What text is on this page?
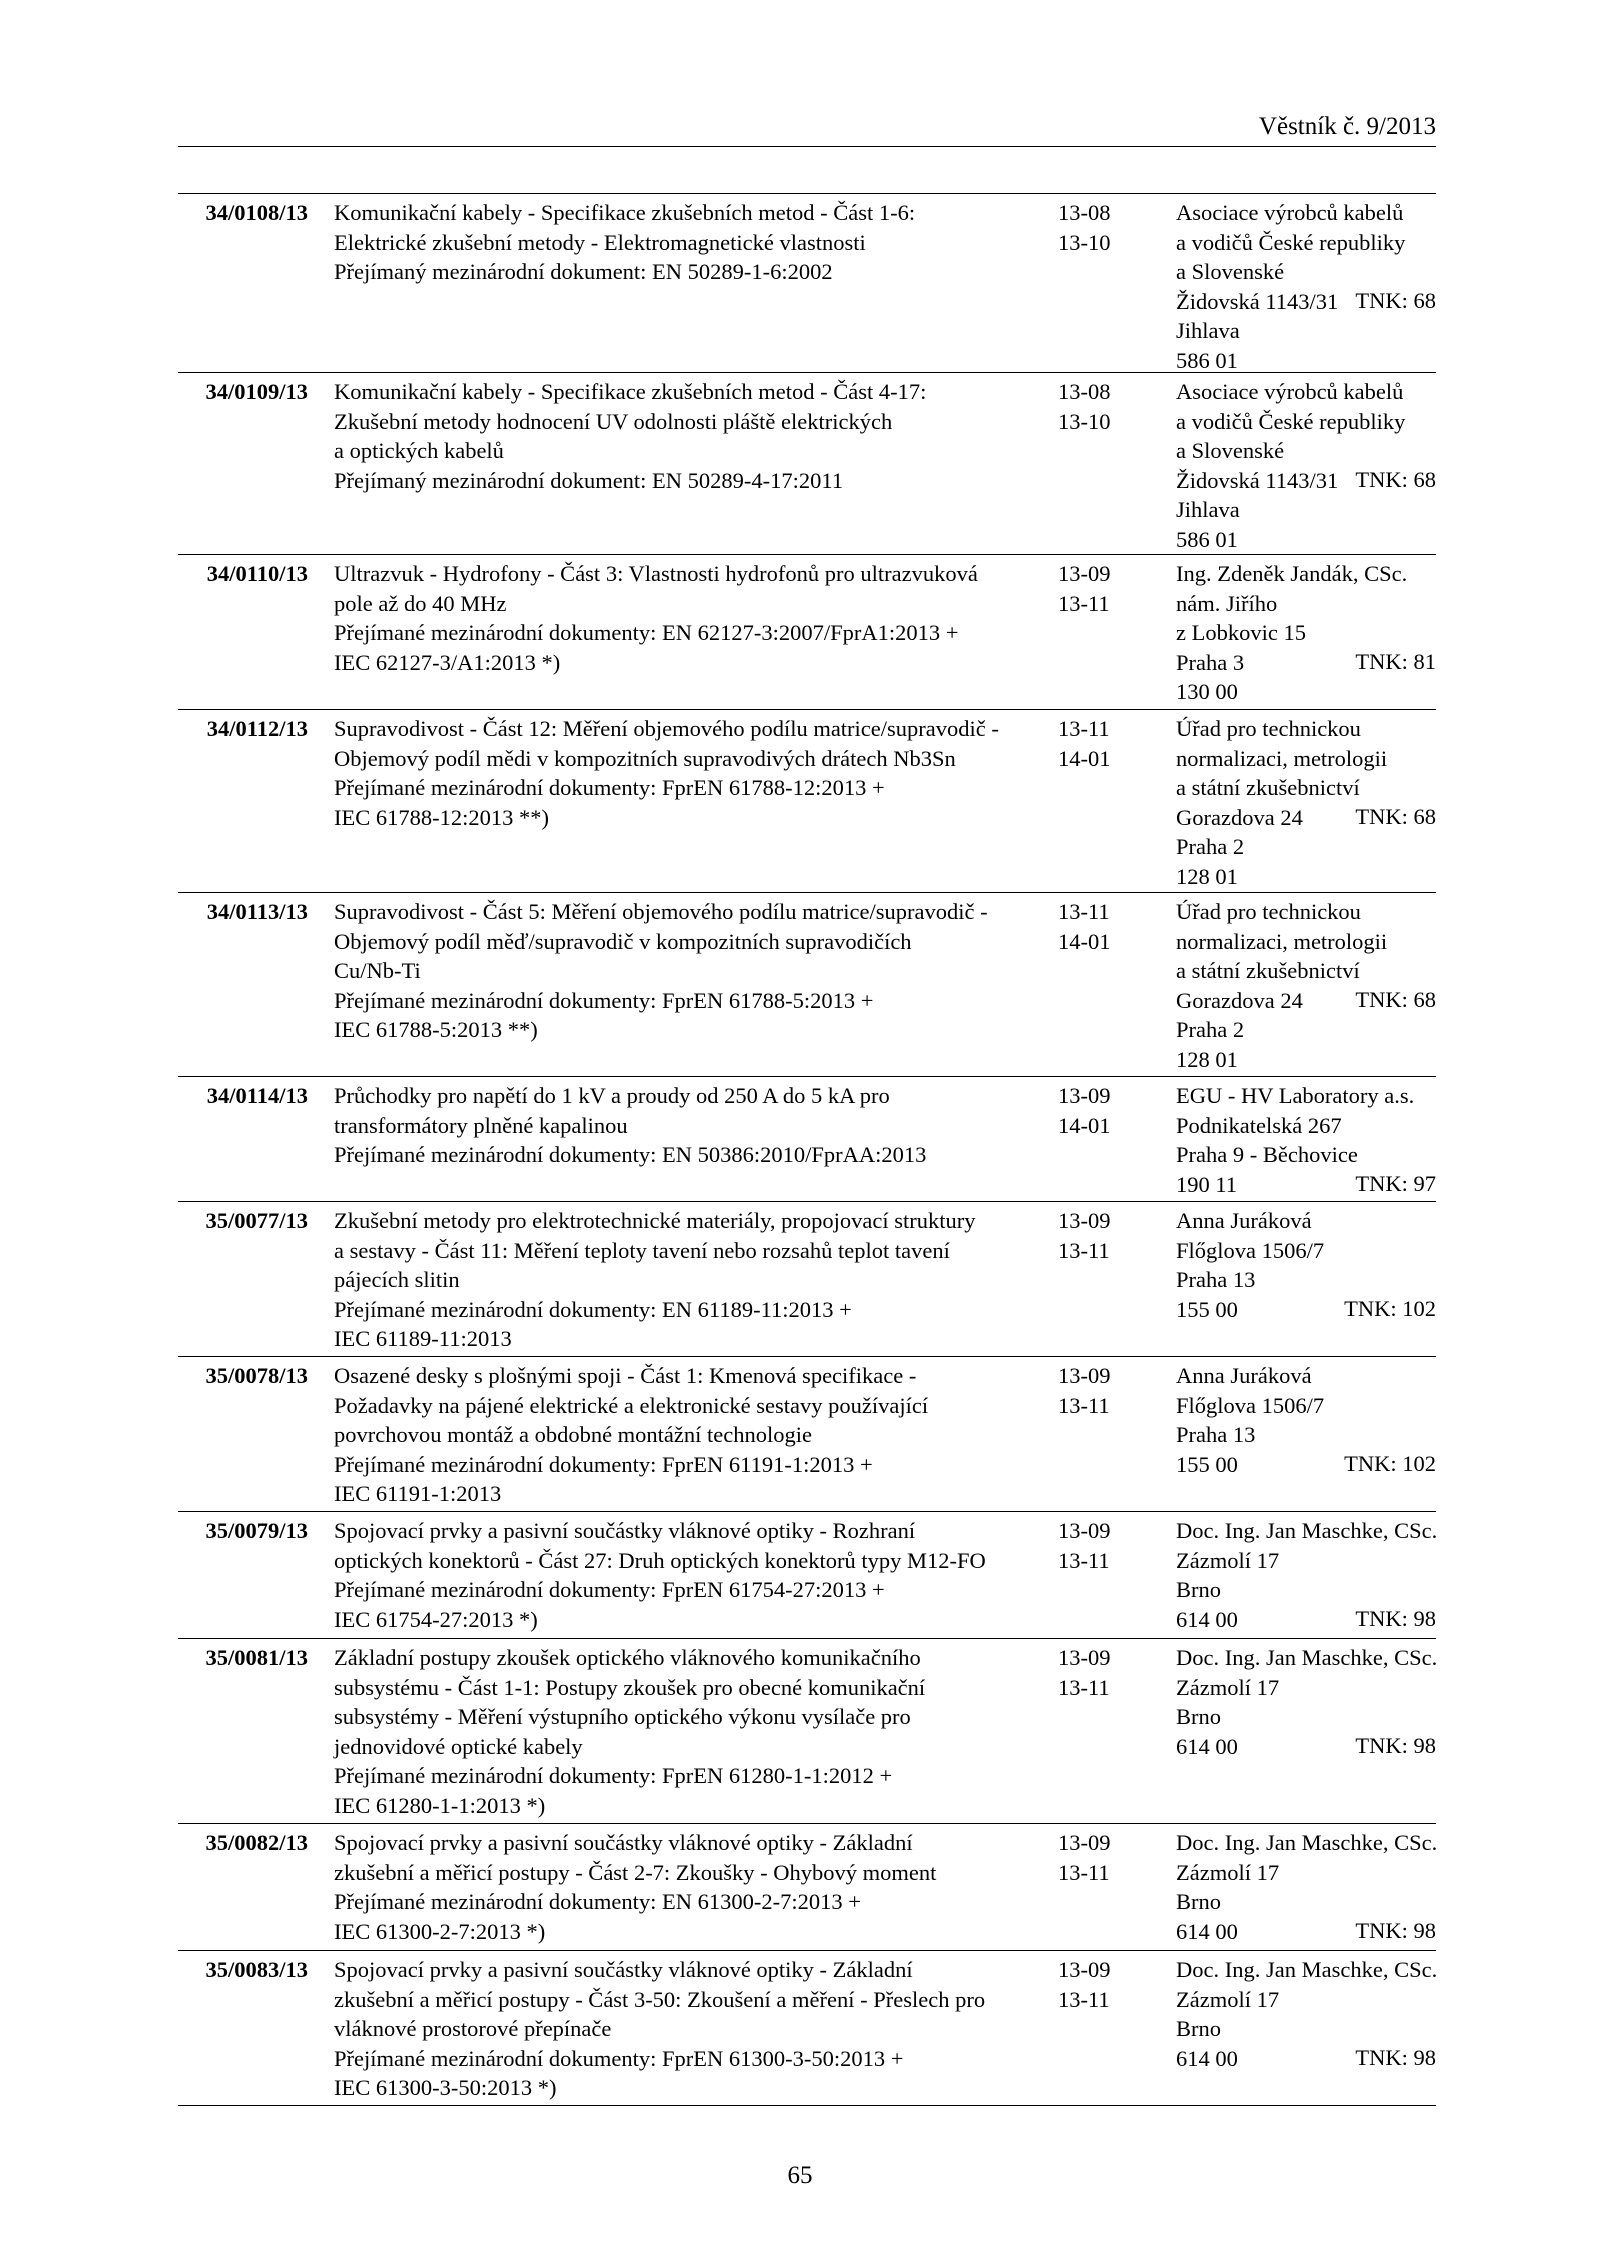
Věstník č. 9/2013
34/0108/13
TNK: 68
Komunikační kabely - Specifikace zkušebních metod - Část 1-6:
Elektrické zkušební metody - Elektromagnetické vlastnosti
Přejímaný mezinárodní dokument: EN 50289-1-6:2002
13-08
13-10
Asociace výrobců kabelů
a vodičů České republiky
a Slovenské
Židovská 1143/31
Jihlava
586 01
34/0109/13
TNK: 68
Komunikační kabely - Specifikace zkušebních metod - Část 4-17:
Zkušební metody hodnocení UV odolnosti pláště elektrických
a optických kabelů
Přejímaný mezinárodní dokument: EN 50289-4-17:2011
13-08
13-10
Asociace výrobců kabelů
a vodičů České republiky
a Slovenské
Židovská 1143/31
Jihlava
586 01
34/0110/13
TNK: 81
Ultrazvuk - Hydrofony - Část 3: Vlastnosti hydrofonů pro ultrazvuková
pole až do 40 MHz
Přejímané mezinárodní dokumenty: EN 62127-3:2007/FprA1:2013 +
IEC 62127-3/A1:2013 *)
13-09
13-11
Ing. Zdeněk Jandák, CSc.
nám. Jiřího
z Lobkovic 15
Praha 3
130 00
34/0112/13
TNK: 68
Supravodivost - Část 12: Měření objemového podílu matrice/supravodič -
Objemový podíl mědi v kompozitních supravodivých drátech Nb3Sn
Přejímané mezinárodní dokumenty: FprEN 61788-12:2013 +
IEC 61788-12:2013 **)
13-11
14-01
Úřad pro technickou
normalizaci, metrologii
a státní zkušebnictví
Gorazdova 24
Praha 2
128 01
34/0113/13
TNK: 68
Supravodivost - Část 5: Měření objemového podílu matrice/supravodič -
Objemový podíl měď/supravodič v kompozitních supravodičích
Cu/Nb-Ti
Přejímané mezinárodní dokumenty: FprEN 61788-5:2013 +
IEC 61788-5:2013 **)
13-11
14-01
Úřad pro technickou
normalizaci, metrologii
a státní zkušebnictví
Gorazdova 24
Praha 2
128 01
34/0114/13
TNK: 97
Průchodky pro napětí do 1 kV a proudy od 250 A do 5 kA pro
transformátory plněné kapalinou
Přejímané mezinárodní dokumenty: EN 50386:2010/FprAA:2013
13-09
14-01
EGU - HV Laboratory a.s.
Podnikatelská 267
Praha 9 - Běchovice
190 11
35/0077/13
TNK: 102
Zkušební metody pro elektrotechnické materiály, propojovací struktury
a sestavy - Část 11: Měření teploty tavení nebo rozsahů teplot tavení
pájecích slitin
Přejímané mezinárodní dokumenty: EN 61189-11:2013 +
IEC 61189-11:2013
13-09
13-11
Anna Juráková
Flőglova 1506/7
Praha 13
155 00
35/0078/13
TNK: 102
Osazené desky s plošnými spoji - Část 1: Kmenová specifikace -
Požadavky na pájené elektrické a elektronické sestavy používající
povrchovou montáž a obdobné montážní technologie
Přejímané mezinárodní dokumenty: FprEN 61191-1:2013 +
IEC 61191-1:2013
13-09
13-11
Anna Juráková
Flőglova 1506/7
Praha 13
155 00
35/0079/13
TNK: 98
Spojovací prvky a pasivní součástky vláknové optiky - Rozhraní
optických konektorů - Část 27: Druh optických konektorů typy M12-FO
Přejímané mezinárodní dokumenty: FprEN 61754-27:2013 +
IEC 61754-27:2013 *)
13-09
13-11
Doc. Ing. Jan Maschke, CSc.
Zázmolí 17
Brno
614 00
35/0081/13
TNK: 98
Základní postupy zkoušek optického vláknového komunikačního
subsystému - Část 1-1: Postupy zkoušek pro obecné komunikační
subsystémy - Měření výstupního optického výkonu vysílače pro
jednovidové optické kabely
Přejímané mezinárodní dokumenty: FprEN 61280-1-1:2012 +
IEC 61280-1-1:2013 *)
13-09
13-11
Doc. Ing. Jan Maschke, CSc.
Zázmolí 17
Brno
614 00
35/0082/13
TNK: 98
Spojovací prvky a pasivní součástky vláknové optiky - Základní
zkušební a měřicí postupy - Část 2-7: Zkoušky - Ohybový moment
Přejímané mezinárodní dokumenty: EN 61300-2-7:2013 +
IEC 61300-2-7:2013 *)
13-09
13-11
Doc. Ing. Jan Maschke, CSc.
Zázmolí 17
Brno
614 00
35/0083/13
TNK: 98
Spojovací prvky a pasivní součástky vláknové optiky - Základní
zkušební a měřicí postupy - Část 3-50: Zkoušení a měření - Přeslech pro
vláknové prostorové přepínače
Přejímané mezinárodní dokumenty: FprEN 61300-3-50:2013 +
IEC 61300-3-50:2013 *)
13-09
13-11
Doc. Ing. Jan Maschke, CSc.
Zázmolí 17
Brno
614 00
65
